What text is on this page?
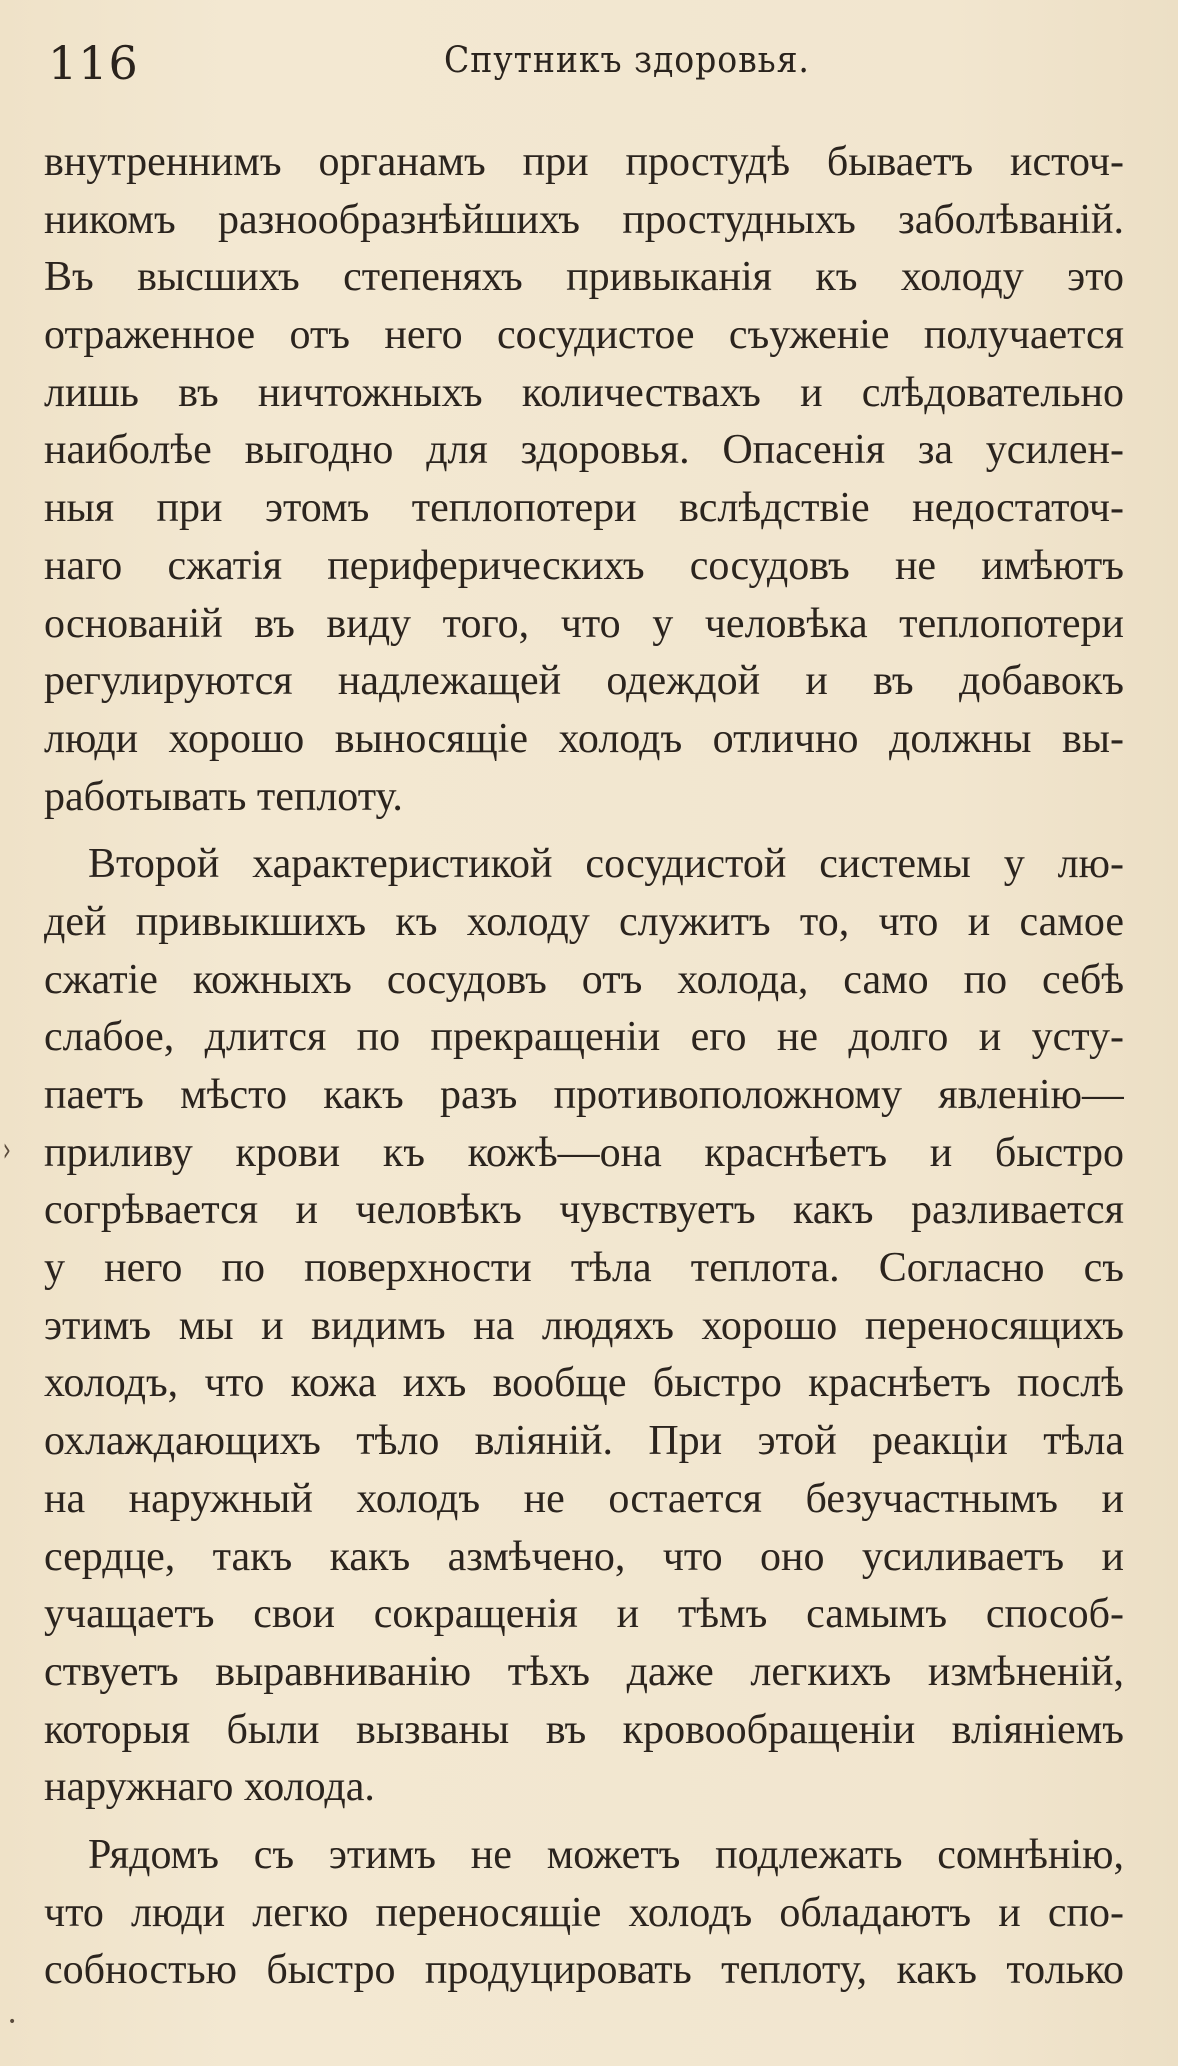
116	Спутникъ здоровья.
внутреннимъ органамъ при простудѣ бываетъ источ-
никомъ разнообразнѣйшихъ простудныхъ заболѣваній.
Въ высшихъ степеняхъ привыканія къ холоду это
отраженное отъ него сосудистое съуженіе получается
лишь въ ничтожныхъ количествахъ и слѣдовательно
наиболѣе выгодно для здоровья. Опасенія за усилен-
ныя при этомъ теплопотери вслѣдствіе недостаточ-
наго сжатія периферическихъ сосудовъ не имѣютъ
основаній въ виду того, что у человѣка теплопотери
регулируются надлежащей одеждой и въ добавокъ
люди хорошо выносящіе холодъ отлично должны вы-
работывать теплоту.
Второй характеристикой сосудистой системы у лю-
дей привыкшихъ къ холоду служитъ то, что и самое
сжатіе кожныхъ сосудовъ отъ холода, само по себѣ
слабое, длится по прекращеніи его не долго и усту-
паетъ мѣсто какъ разъ противоположному явленію—
приливу крови къ кожѣ—она краснѣетъ и быстро
согрѣвается и человѣкъ чувствуетъ какъ разливается
у него по поверхности тѣла теплота. Согласно съ
этимъ мы и видимъ на людяхъ хорошо переносящихъ
холодъ, что кожа ихъ вообще быстро краснѣетъ послѣ
охлаждающихъ тѣло вліяній. При этой реакціи тѣла
на наружный холодъ не остается безучастнымъ и
сердце, такъ какъ азмѣчено, что оно усиливаетъ и
учащаетъ свои сокращенія и тѣмъ самымъ способ-
ствуетъ выравниванію тѣхъ даже легкихъ измѣненій,
которыя были вызваны въ кровообращеніи вліяніемъ
наружнаго холода.
Рядомъ съ этимъ не можетъ подлежать сомнѣнію,
что люди легко переносящіе холодъ обладаютъ и спо-
собностью быстро продуцировать теплоту, какъ только
›
•
